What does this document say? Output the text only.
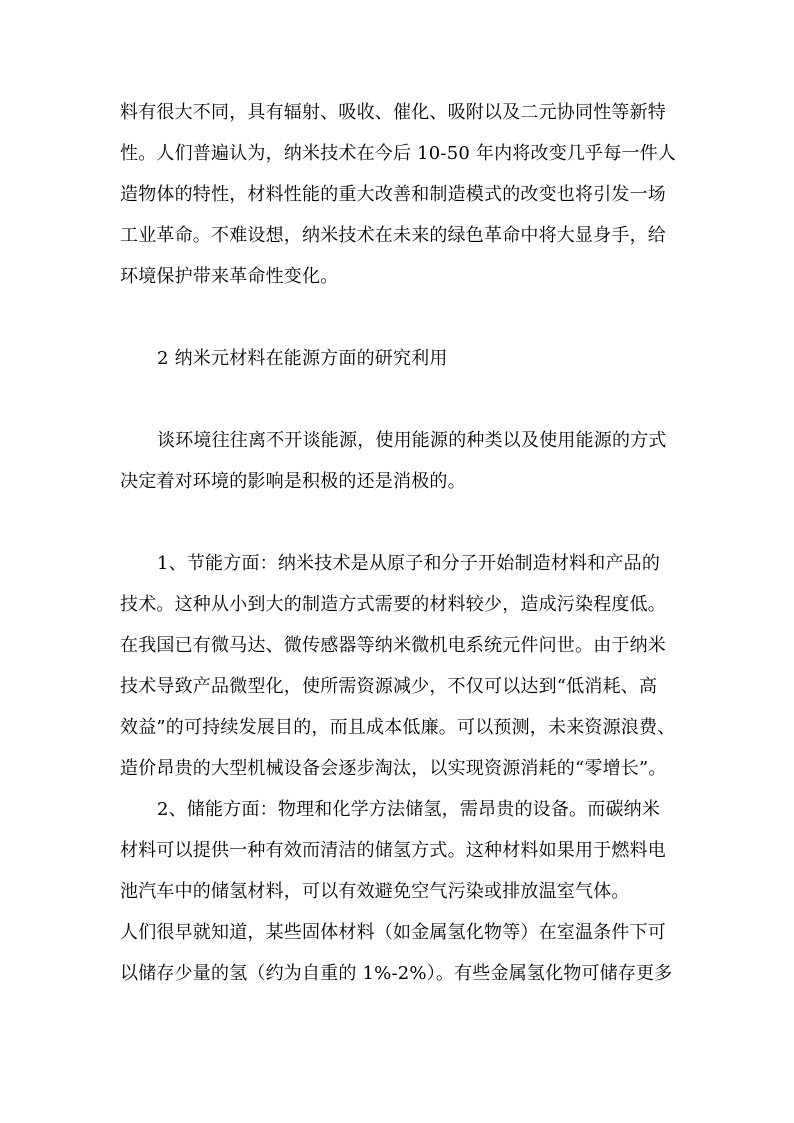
料有很大不同，具有辐射、吸收、催化、吸附以及二元协同性等新特
性。人们普遍认为，纳米技术在今后 10-50 年内将改变几乎每一件人
造物体的特性，材料性能的重大改善和制造模式的改变也将引发一场
工业革命。不难设想，纳米技术在未来的绿色革命中将大显身手，给
环境保护带来革命性变化。
2 纳米元材料在能源方面的研究利用
谈环境往往离不开谈能源，使用能源的种类以及使用能源的方式
决定着对环境的影响是积极的还是消极的。
1、节能方面：纳米技术是从原子和分子开始制造材料和产品的
技术。这种从小到大的制造方式需要的材料较少，造成污染程度低。
在我国已有微马达、微传感器等纳米微机电系统元件问世。由于纳米
技术导致产品微型化，使所需资源减少，不仅可以达到“低消耗、高
效益”的可持续发展目的，而且成本低廉。可以预测，未来资源浪费、
造价昂贵的大型机械设备会逐步淘汰，以实现资源消耗的“零增长”。
2、储能方面：物理和化学方法储氢，需昂贵的设备。而碳纳米
材料可以提供一种有效而清洁的储氢方式。这种材料如果用于燃料电
池汽车中的储氢材料，可以有效避免空气污染或排放温室气体。
人们很早就知道，某些固体材料（如金属氢化物等）在室温条件下可
以储存少量的氢（约为自重的 1%-2%）。有些金属氢化物可储存更多
